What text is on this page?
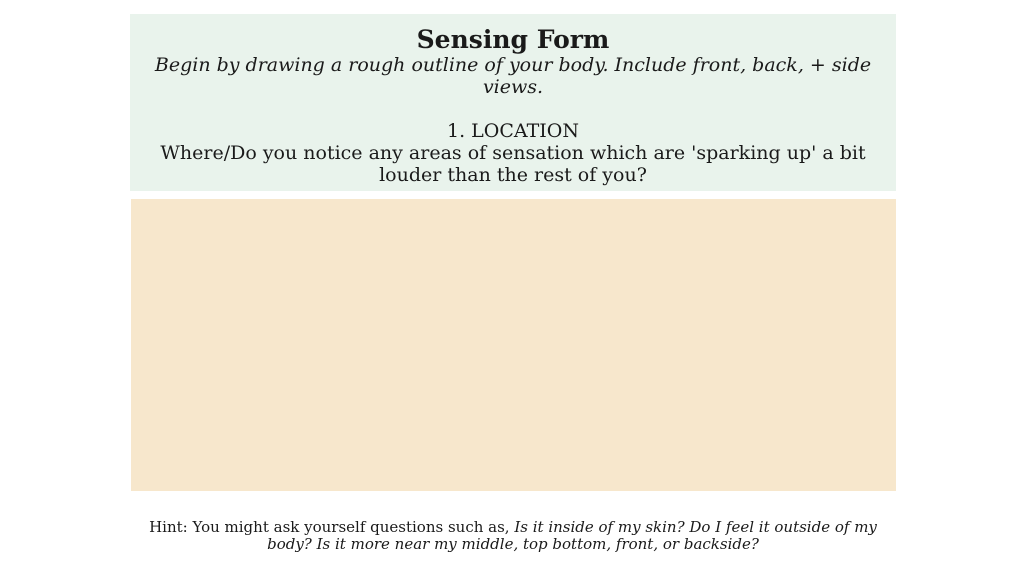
Sensing Form
Begin by drawing a rough outline of your body. Include front, back, + side views.
1. LOCATION
Where/Do you notice any areas of sensation which are 'sparking up' a bit louder than the rest of you?
Hint: You might ask yourself questions such as, Is it inside of my skin? Do I feel it outside of my body? Is it more near my middle, top bottom, front, or backside?
